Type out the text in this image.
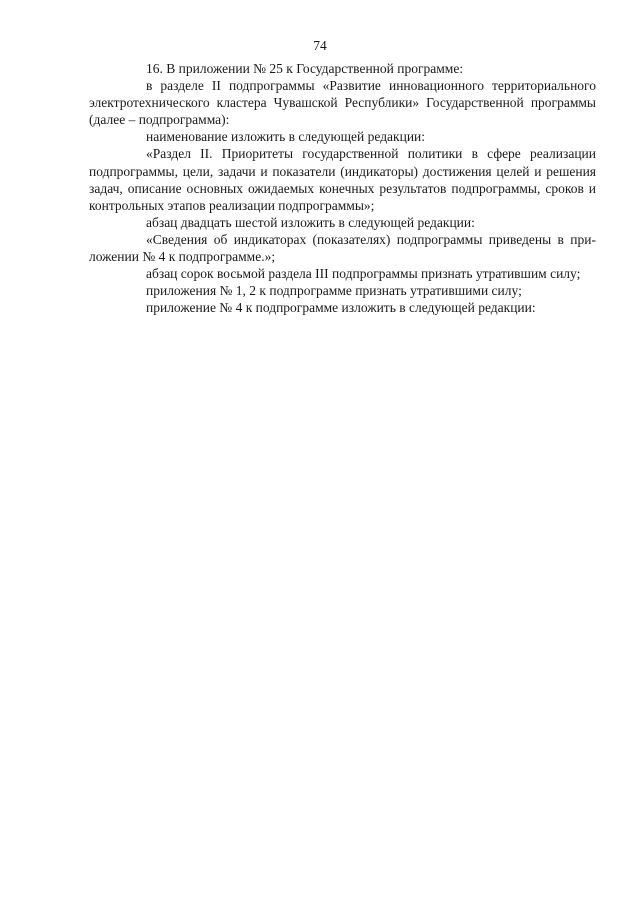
74

16. В приложении № 25 к Государственной программе:

в разделе II подпрограммы «Развитие инновационного территориального электротехнического кластера Чувашской Республики» Государственной программы (далее – подпрограмма):

наименование изложить в следующей редакции:

«Раздел II. Приоритеты государственной политики в сфере реализации подпрограммы, цели, задачи и показатели (индикаторы) достижения целей и решения задач, описание основных ожидаемых конечных результатов подпрограммы, сроков и контрольных этапов реализации подпрограммы»;

абзац двадцать шестой изложить в следующей редакции:

«Сведения об индикаторах (показателях) подпрограммы приведены в приложении № 4 к подпрограмме.»;

абзац сорок восьмой раздела III подпрограммы признать утратившим силу;

приложения № 1, 2 к подпрограмме признать утратившими силу;

приложение № 4 к подпрограмме изложить в следующей редакции:
